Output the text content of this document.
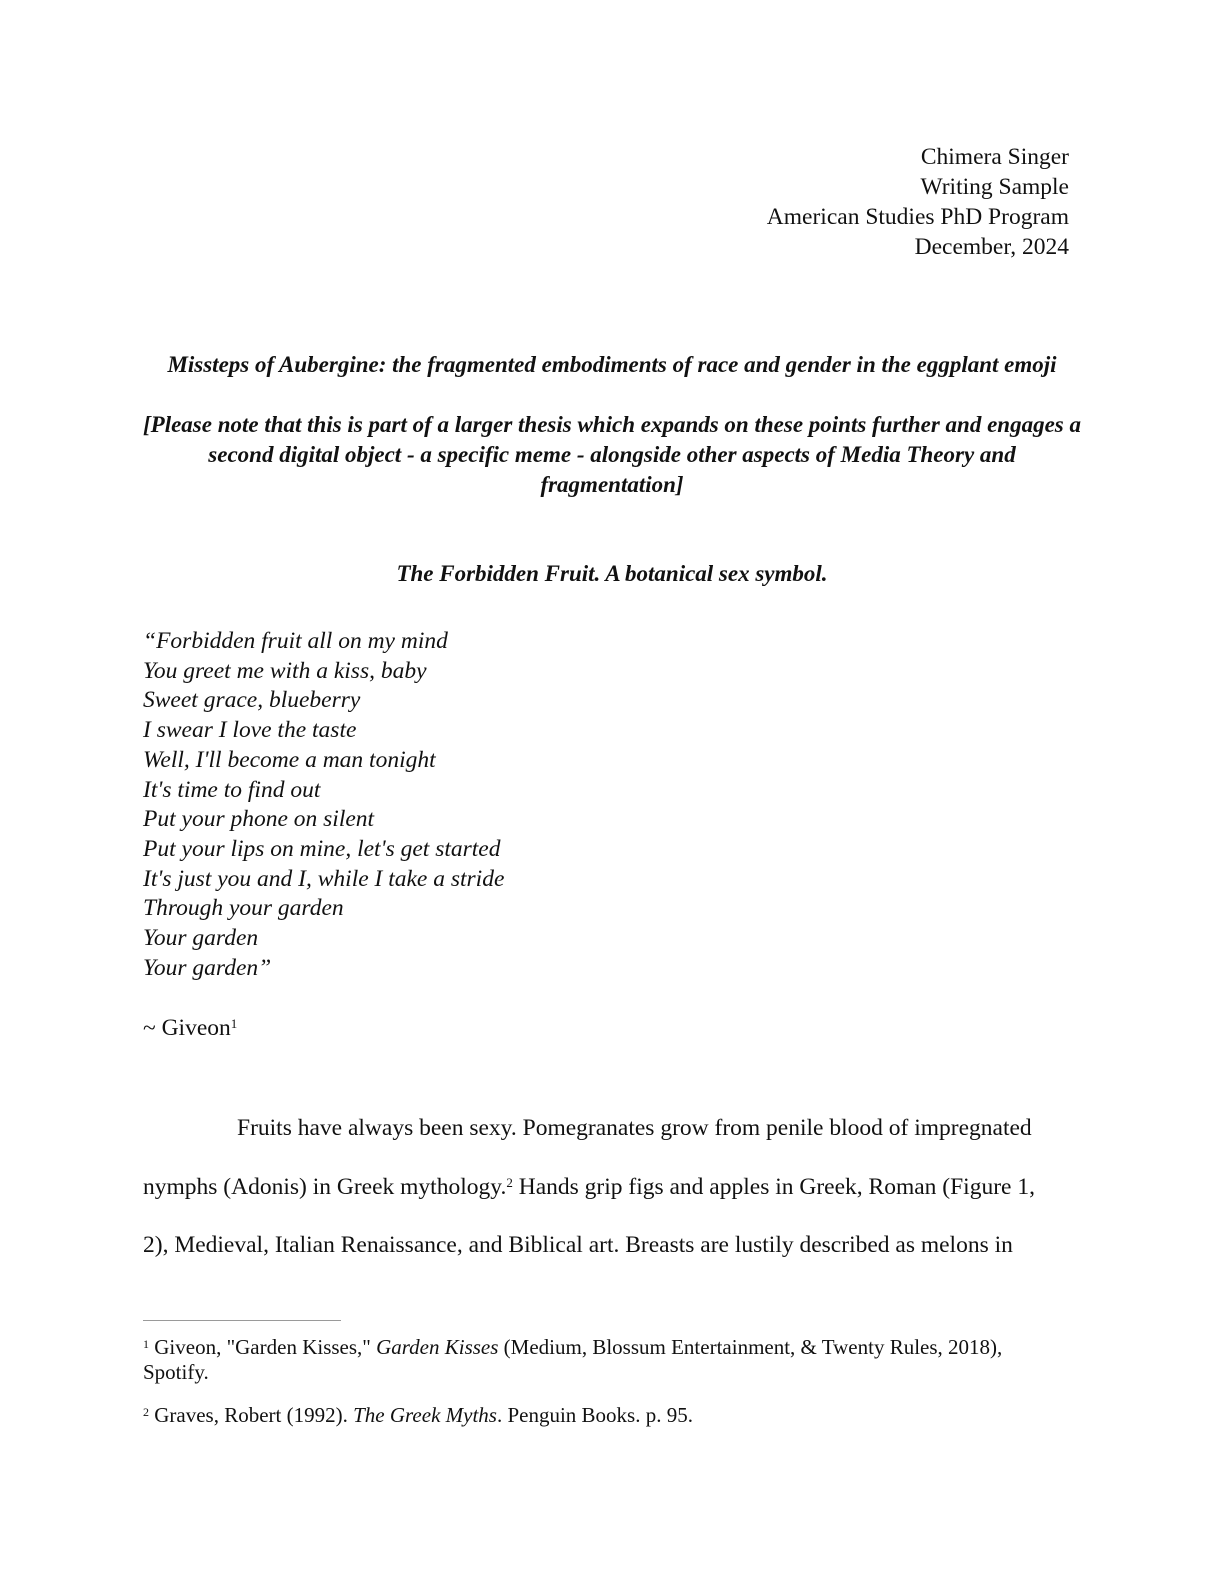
Chimera Singer
Writing Sample
American Studies PhD Program
December, 2024
Missteps of Aubergine: the fragmented embodiments of race and gender in the eggplant emoji
[Please note that this is part of a larger thesis which expands on these points further and engages a second digital object - a specific meme - alongside other aspects of Media Theory and fragmentation]
The Forbidden Fruit. A botanical sex symbol.
“Forbidden fruit all on my mind
You greet me with a kiss, baby
Sweet grace, blueberry
I swear I love the taste
Well, I'll become a man tonight
It's time to find out
Put your phone on silent
Put your lips on mine, let's get started
It's just you and I, while I take a stride
Through your garden
Your garden
Your garden”
~ Giveon$^1$
Fruits have always been sexy. Pomegranates grow from penile blood of impregnated
nymphs (Adonis) in Greek mythology.$^2$ Hands grip figs and apples in Greek, Roman (Figure 1,
2), Medieval, Italian Renaissance, and Biblical art. Breasts are lustily described as melons in
$^1$ Giveon, "Garden Kisses," Garden Kisses (Medium, Blossum Entertainment, & Twenty Rules, 2018), Spotify.
$^2$ Graves, Robert (1992). The Greek Myths. Penguin Books. p. 95.
